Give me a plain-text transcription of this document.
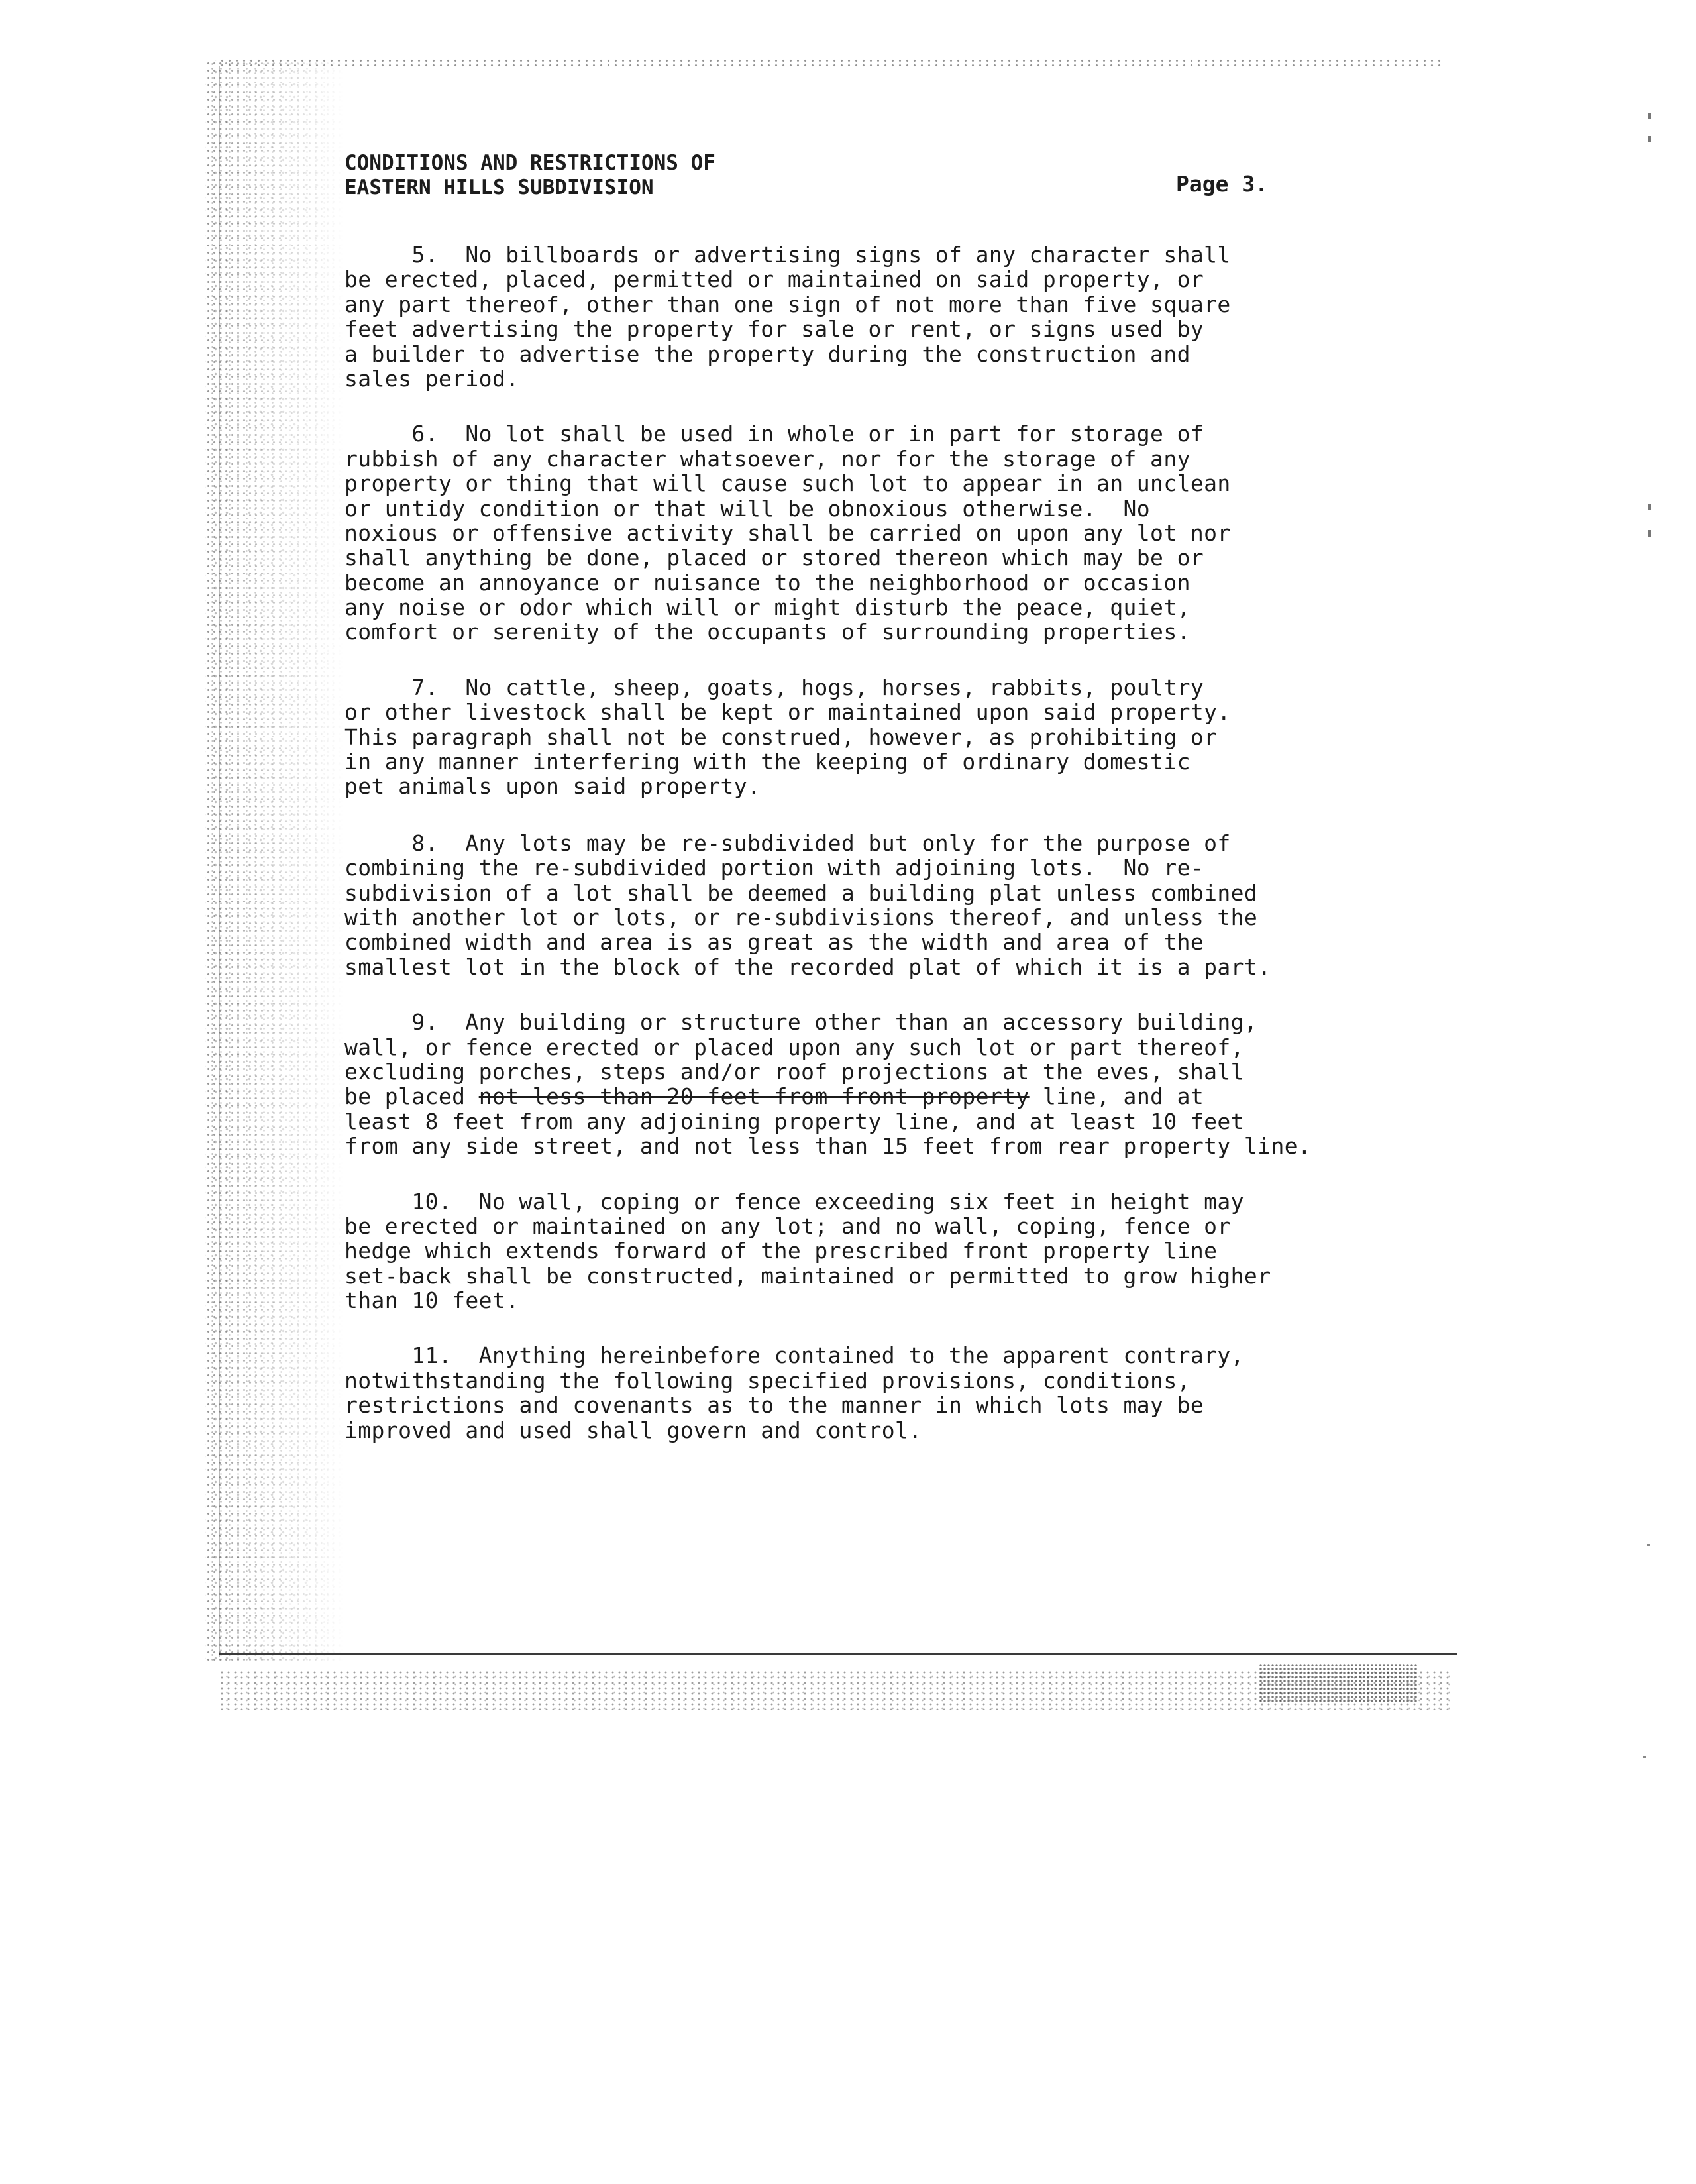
CONDITIONS AND RESTRICTIONS OF
EASTERN HILLS SUBDIVISION	Page 3.
5.  No billboards or advertising signs of any character shall
be erected, placed, permitted or maintained on said property, or
any part thereof, other than one sign of not more than five square
feet advertising the property for sale or rent, or signs used by
a builder to advertise the property during the construction and
sales period.
6.  No lot shall be used in whole or in part for storage of
rubbish of any character whatsoever, nor for the storage of any
property or thing that will cause such lot to appear in an unclean
or untidy condition or that will be obnoxious otherwise.  No
noxious or offensive activity shall be carried on upon any lot nor
shall anything be done, placed or stored thereon which may be or
become an annoyance or nuisance to the neighborhood or occasion
any noise or odor which will or might disturb the peace, quiet,
comfort or serenity of the occupants of surrounding properties.
7.  No cattle, sheep, goats, hogs, horses, rabbits, poultry
or other livestock shall be kept or maintained upon said property.
This paragraph shall not be construed, however, as prohibiting or
in any manner interfering with the keeping of ordinary domestic
pet animals upon said property.
8.  Any lots may be re-subdivided but only for the purpose of
combining the re-subdivided portion with adjoining lots.  No re-
subdivision of a lot shall be deemed a building plat unless combined
with another lot or lots, or re-subdivisions thereof, and unless the
combined width and area is as great as the width and area of the
smallest lot in the block of the recorded plat of which it is a part.
9.  Any building or structure other than an accessory building,
wall, or fence erected or placed upon any such lot or part thereof,
excluding porches, steps and/or roof projections at the eves, shall
be placed not less than 20 feet from front property line, and at
least 8 feet from any adjoining property line, and at least 10 feet
from any side street, and not less than 15 feet from rear property line.
10.  No wall, coping or fence exceeding six feet in height may
be erected or maintained on any lot; and no wall, coping, fence or
hedge which extends forward of the prescribed front property line
set-back shall be constructed, maintained or permitted to grow higher
than 10 feet.
11.  Anything hereinbefore contained to the apparent contrary,
notwithstanding the following specified provisions, conditions,
restrictions and covenants as to the manner in which lots may be
improved and used shall govern and control.
